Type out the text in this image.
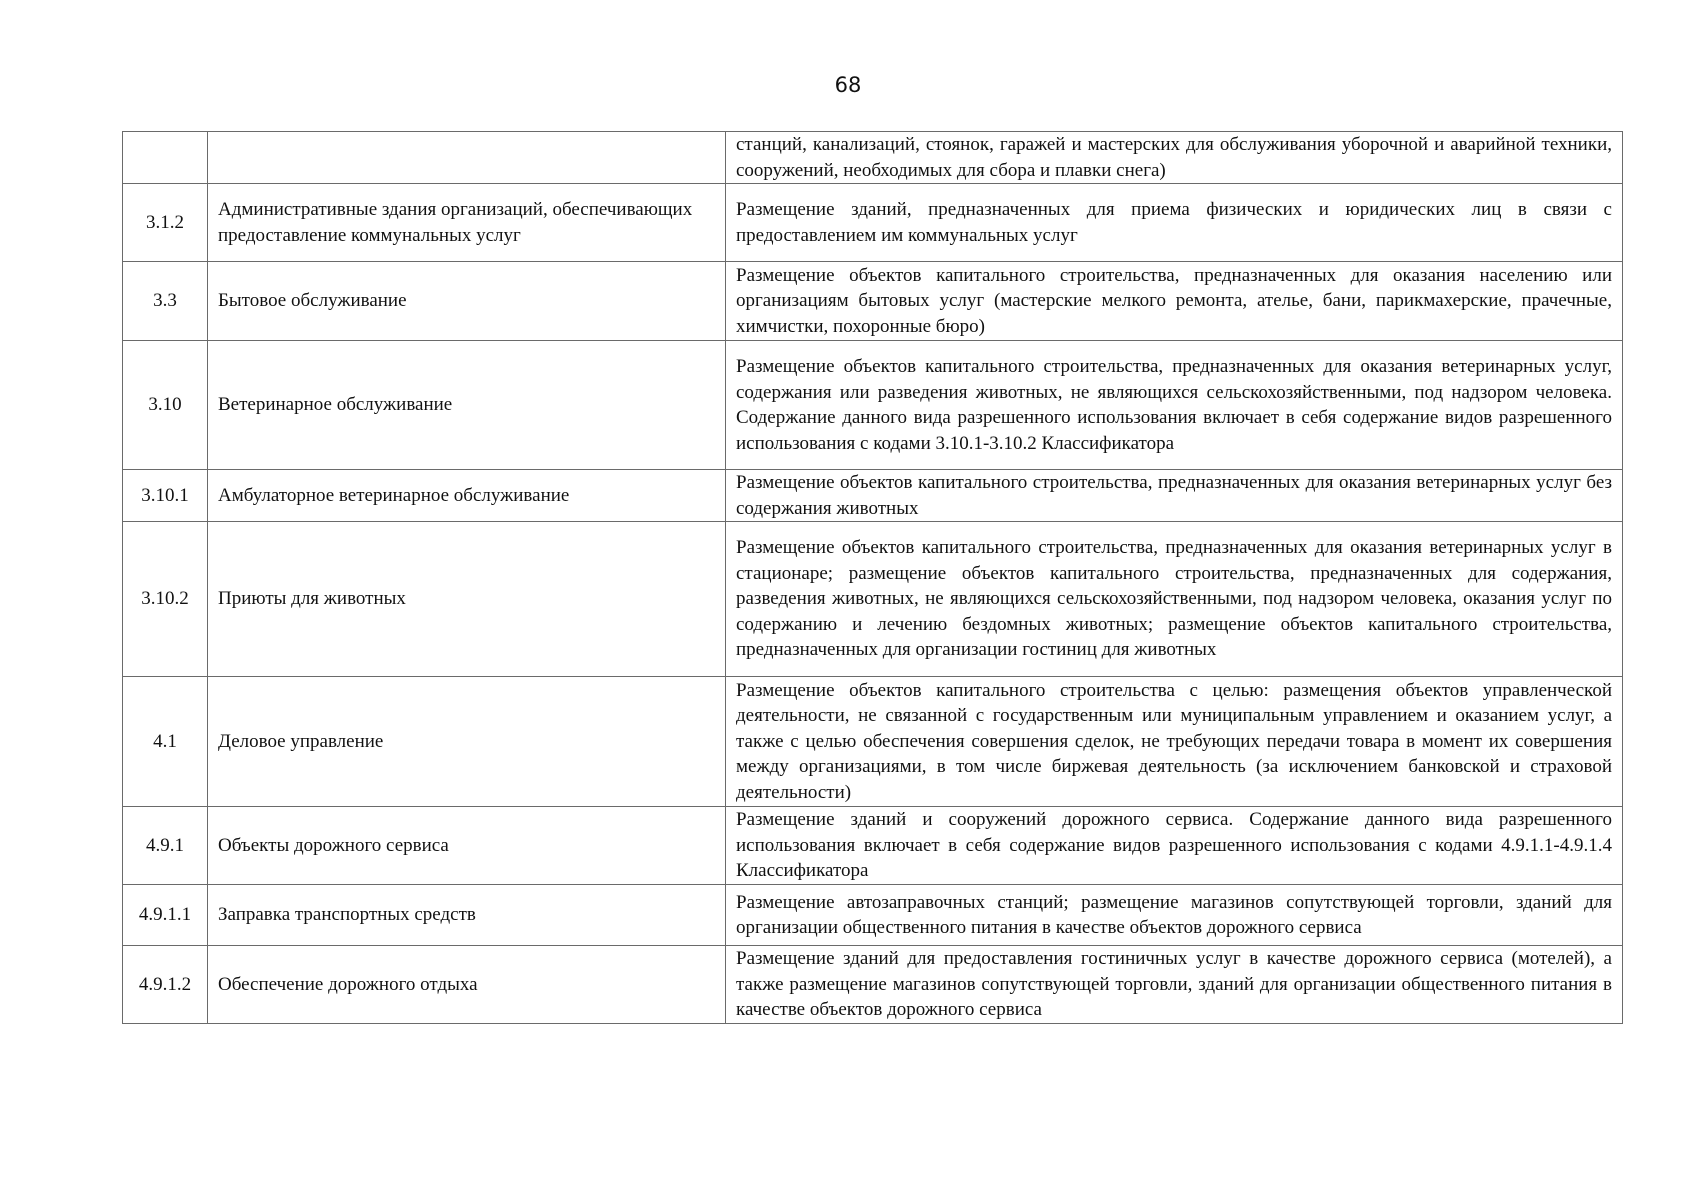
68
		станций, канализаций, стоянок, гаражей и мастерских для обслуживания уборочной и аварийной техники, сооружений, необходимых для сбора и плавки снега)
3.1.2	Административные здания организаций, обеспечивающих предоставление коммунальных услуг	Размещение зданий, предназначенных для приема физических и юридических лиц в связи с предоставлением им коммунальных услуг
3.3	Бытовое обслуживание	Размещение объектов капитального строительства, предназначенных для оказания населению или организациям бытовых услуг (мастерские мелкого ремонта, ателье, бани, парикмахерские, прачечные, химчистки, похоронные бюро)
3.10	Ветеринарное обслуживание	Размещение объектов капитального строительства, предназначенных для оказания ветеринарных услуг, содержания или разведения животных, не являющихся сельскохозяйственными, под надзором человека. Содержание данного вида разрешенного использования включает в себя содержание видов разрешенного использования с кодами 3.10.1-3.10.2 Классификатора
3.10.1	Амбулаторное ветеринарное обслуживание	Размещение объектов капитального строительства, предназначенных для оказания ветеринарных услуг без содержания животных
3.10.2	Приюты для животных	Размещение объектов капитального строительства, предназначенных для оказания ветеринарных услуг в стационаре; размещение объектов капитального строительства, предназначенных для содержания, разведения животных, не являющихся сельскохозяйственными, под надзором человека, оказания услуг по содержанию и лечению бездомных животных; размещение объектов капитального строительства, предназначенных для организации гостиниц для животных
4.1	Деловое управление	Размещение объектов капитального строительства с целью: размещения объектов управленческой деятельности, не связанной с государственным или муниципальным управлением и оказанием услуг, а также с целью обеспечения совершения сделок, не требующих передачи товара в момент их совершения между организациями, в том числе биржевая деятельность (за исключением банковской и страховой деятельности)
4.9.1	Объекты дорожного сервиса	Размещение зданий и сооружений дорожного сервиса. Содержание данного вида разрешенного использования включает в себя содержание видов разрешенного использования с кодами 4.9.1.1-4.9.1.4 Классификатора
4.9.1.1	Заправка транспортных средств	Размещение автозаправочных станций; размещение магазинов сопутствующей торговли, зданий для организации общественного питания в качестве объектов дорожного сервиса
4.9.1.2	Обеспечение дорожного отдыха	Размещение зданий для предоставления гостиничных услуг в качестве дорожного сервиса (мотелей), а также размещение магазинов сопутствующей торговли, зданий для организации общественного питания в качестве объектов дорожного сервиса
